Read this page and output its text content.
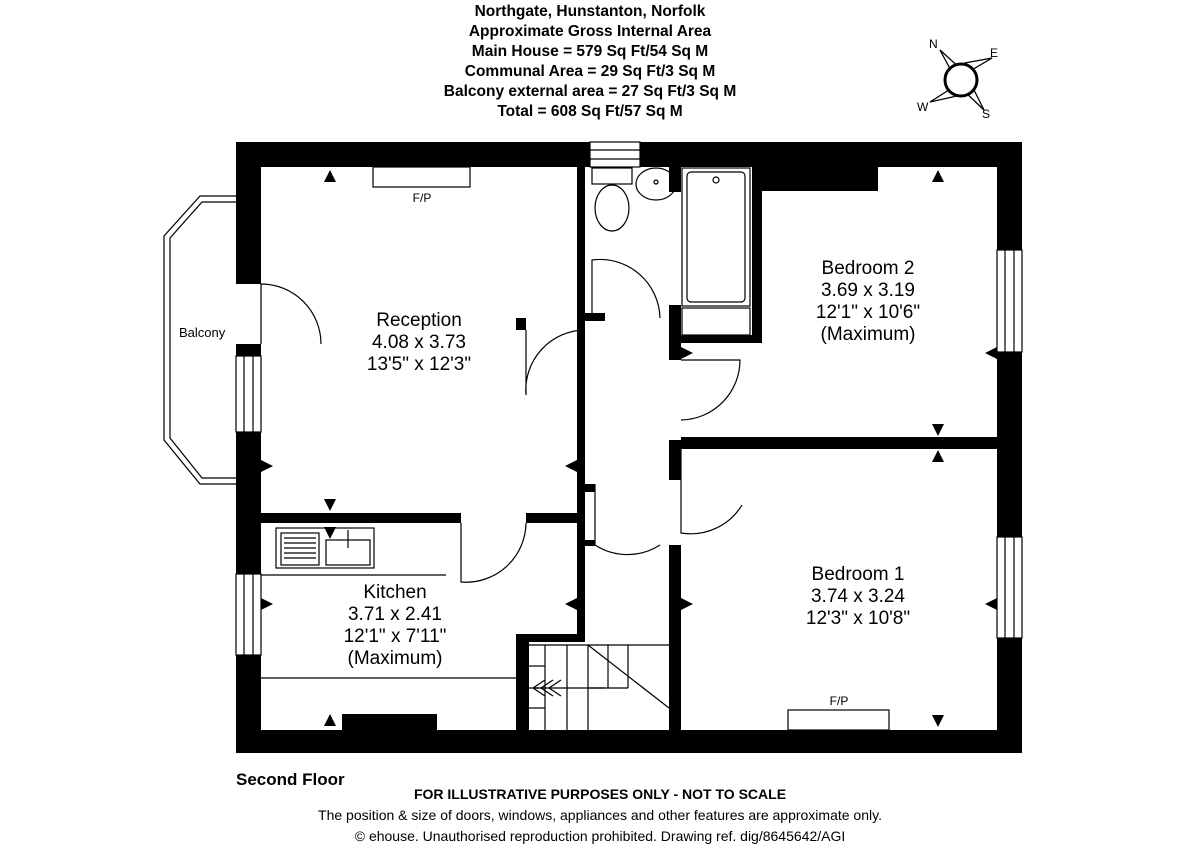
Northgate, Hunstanton, Norfolk
Approximate Gross Internal Area
Main House = 579 Sq Ft/54 Sq M
Communal Area = 29 Sq Ft/3 Sq M
Balcony external area = 27 Sq Ft/3 Sq M
Total = 608 Sq Ft/57 Sq M
N
E
S
W
Balcony
Reception
4.08 x 3.73
13'5" x 12'3"
Bedroom 2
3.69 x 3.19
12'1" x 10'6"
(Maximum)
Bedroom 1
3.74 x 3.24
12'3" x 10'8"
Kitchen
3.71 x 2.41
12'1" x 7'11"
(Maximum)
F/P
F/P
Second Floor
FOR ILLUSTRATIVE PURPOSES ONLY - NOT TO SCALE
The position & size of doors, windows, appliances and other features are approximate only.
© ehouse. Unauthorised reproduction prohibited. Drawing ref. dig/8645642/AGI
